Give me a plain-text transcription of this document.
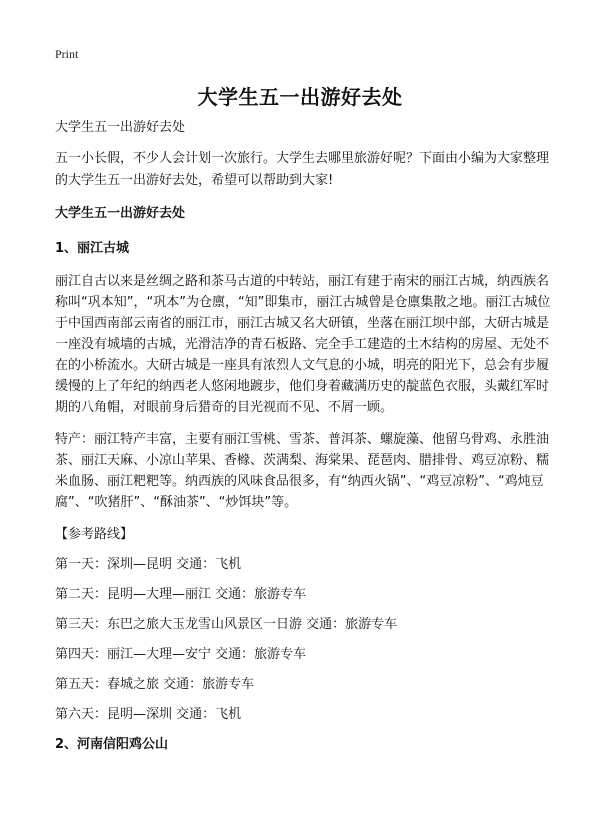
Print
大学生五一出游好去处

大学生五一出游好去处

五一小长假，不少人会计划一次旅行。大学生去哪里旅游好呢？下面由小编为大家整理的大学生五一出游好去处，希望可以帮助到大家!

大学生五一出游好去处

1、丽江古城

丽江自古以来是丝绸之路和茶马古道的中转站，丽江有建于南宋的丽江古城，纳西族名称叫“巩本知”，“巩本”为仓廪，“知”即集市，丽江古城曾是仓廪集散之地。丽江古城位于中国西南部云南省的丽江市，丽江古城又名大研镇，坐落在丽江坝中部，大研古城是一座没有城墙的古城，光滑洁净的青石板路、完全手工建造的土木结构的房屋、无处不在的小桥流水。大研古城是一座具有浓烈人文气息的小城，明亮的阳光下，总会有步履缓慢的上了年纪的纳西老人悠闲地踱步，他们身着藏满历史的靛蓝色衣服，头戴红军时期的八角帽，对眼前身后猎奇的目光视而不见、不屑一顾。

特产：丽江特产丰富，主要有丽江雪桃、雪茶、普洱茶、螺旋藻、他留乌骨鸡、永胜油茶、丽江天麻、小凉山苹果、香橼、茨满梨、海棠果、琵琶肉、腊排骨、鸡豆凉粉、糯米血肠、丽江粑粑等。纳西族的风味食品很多，有“纳西火锅”、“鸡豆凉粉”、“鸡炖豆腐”、“吹猪肝”、“酥油茶”、“炒饵块”等。

【参考路线】

第一天：深圳—昆明 交通：飞机

第二天：昆明—大理—丽江 交通：旅游专车

第三天：东巴之旅大玉龙雪山风景区一日游 交通：旅游专车

第四天：丽江—大理—安宁 交通：旅游专车

第五天：春城之旅 交通：旅游专车

第六天：昆明—深圳 交通：飞机

2、河南信阳鸡公山
